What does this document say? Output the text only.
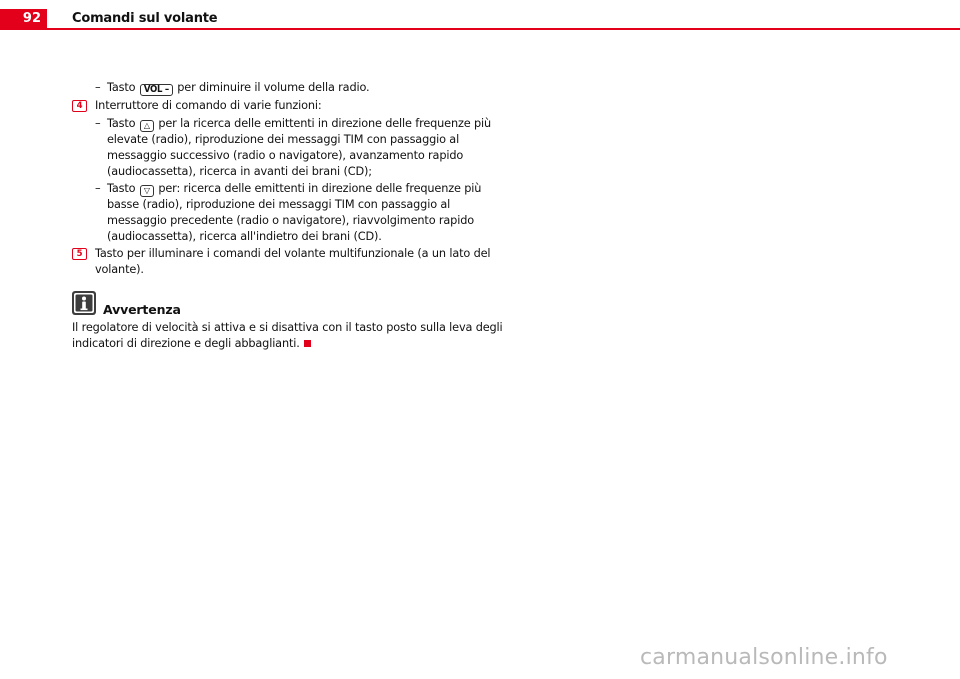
92	Comandi sul volante
– Tasto VOL – per diminuire il volume della radio.
4	Interruttore di comando di varie funzioni:
– Tasto △ per la ricerca delle emittenti in direzione delle frequenze più
elevate (radio), riproduzione dei messaggi TIM con passaggio al
messaggio successivo (radio o navigatore), avanzamento rapido
(audiocassetta), ricerca in avanti dei brani (CD);
– Tasto ▽ per: ricerca delle emittenti in direzione delle frequenze più
basse (radio), riproduzione dei messaggi TIM con passaggio al
messaggio precedente (radio o navigatore), riavvolgimento rapido
(audiocassetta), ricerca all'indietro dei brani (CD).
5	Tasto per illuminare i comandi del volante multifunzionale (a un lato del
volante).
Avvertenza
Il regolatore di velocità si attiva e si disattiva con il tasto posto sulla leva degli
indicatori di direzione e degli abbaglianti.
carmanualsonline.info
